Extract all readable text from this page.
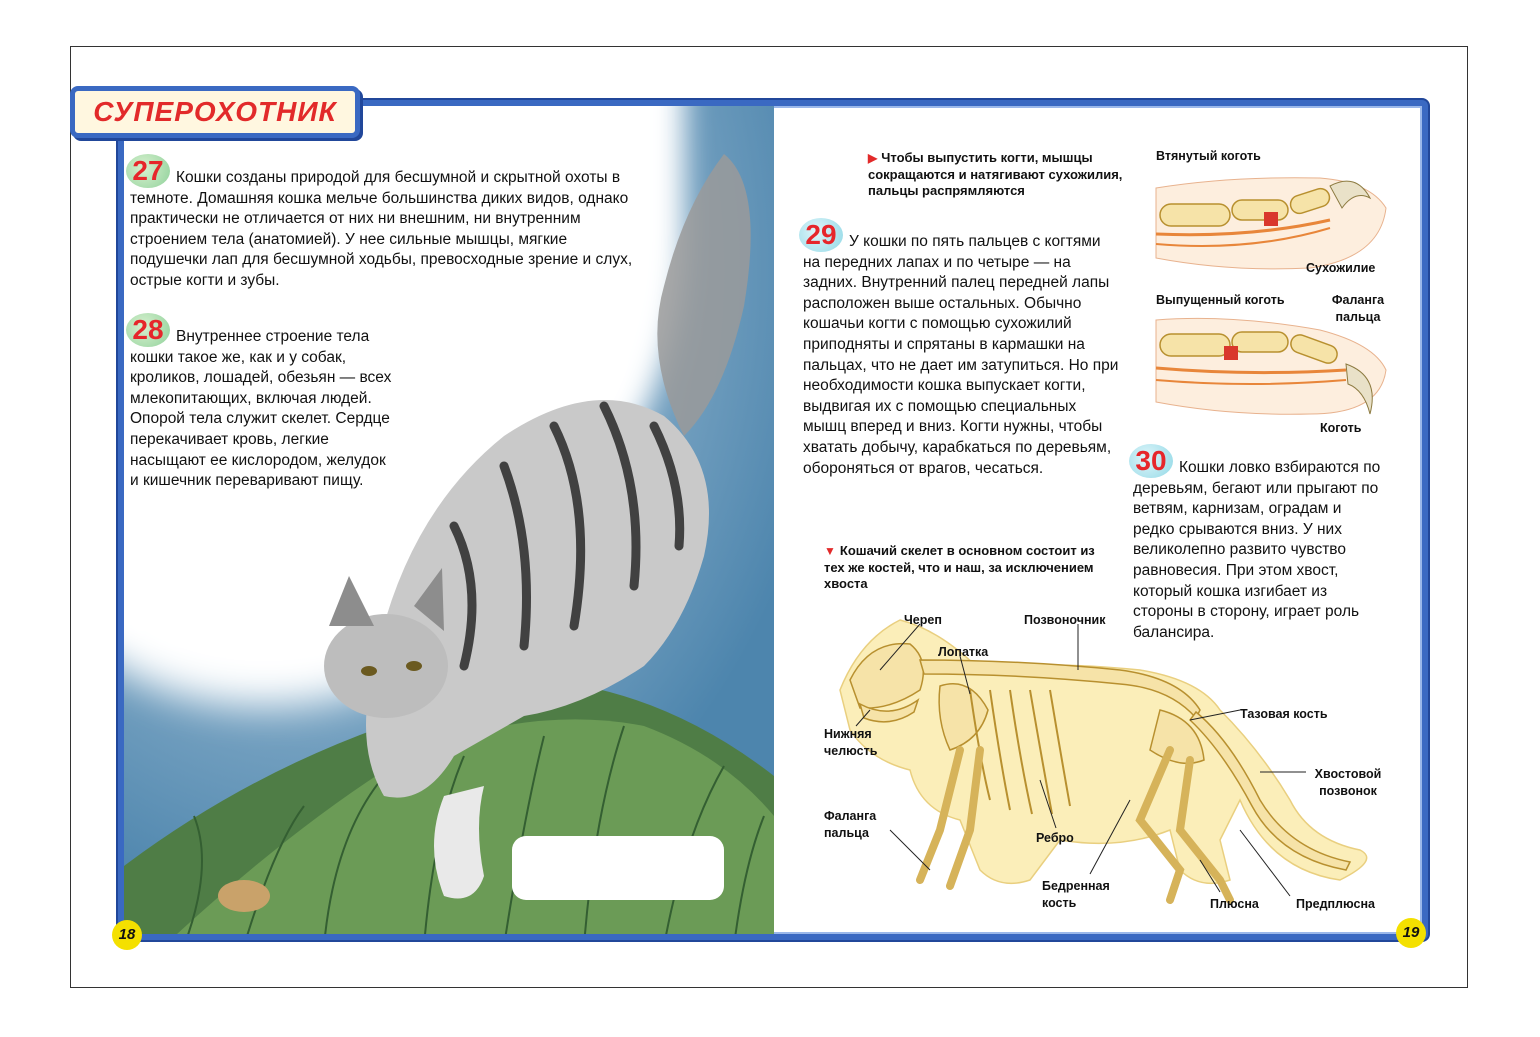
СУПЕРОХОТНИК
27 Кошки созданы природой для бесшумной и скрытной охоты в темноте. Домашняя кошка мельче большинства диких видов, однако практически не отличается от них ни внешним, ни внутренним строением тела (анатомией). У нее сильные мышцы, мягкие подушечки лап для бесшумной ходьбы, превосходные зрение и слух, острые когти и зубы.
28 Внутреннее строение тела кошки такое же, как и у собак, кроликов, лошадей, обезьян — всех млекопитающих, включая людей. Опорой тела служит скелет. Сердце перекачивает кровь, легкие насыщают ее кислородом, желудок и кишечник переваривают пищу.
▶ Чтобы выпустить когти, мышцы сокращаются и натягивают сухожилия, пальцы распрямляются
29 У кошки по пять пальцев с когтями на передних лапах и по четыре — на задних. Внутренний палец передней лапы расположен выше остальных. Обычно кошачьи когти с помощью сухожилий приподняты и спрятаны в кармашки на пальцах, что не дает им затупиться. Но при необходимости кошка выпускает когти, выдвигая их с помощью специальных мышц вперед и вниз. Когти нужны, чтобы хватать добычу, карабкаться по деревьям, обороняться от врагов, чесаться.
Втянутый коготь
Сухожилие
Выпущенный коготь	Фаланга пальца
Коготь
30 Кошки ловко взбираются по деревьям, бегают или прыгают по ветвям, карнизам, оградам и редко срываются вниз. У них великолепно развито чувство равновесия. При этом хвост, который кошка изгибает из стороны в сторону, играет роль балансира.
▼ Кошачий скелет в основном состоит из тех же костей, что и наш, за исключением хвоста
Череп	Позвоночник
Лопатка
Нижняя челюсть
Тазовая кость
Хвостовой позвонок
Фаланга пальца	Ребро
Бедренная кость	Плюсна	Предплюсна
18	19
